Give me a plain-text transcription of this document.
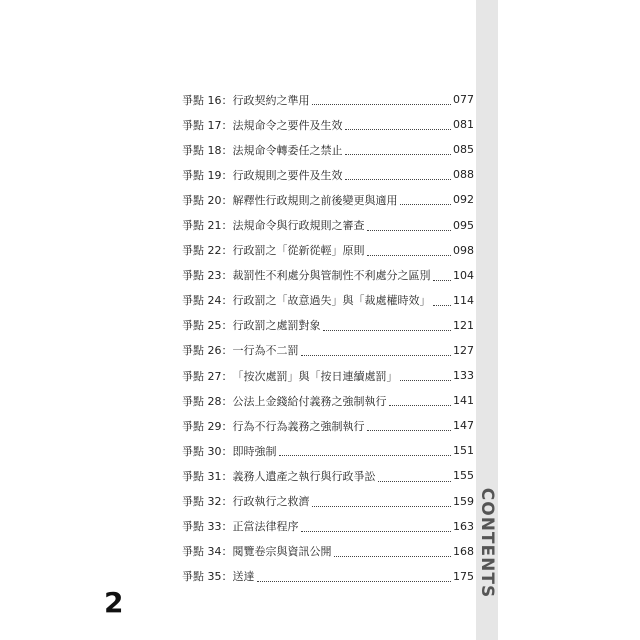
CONTENTS
爭點 16： 行政契約之準用	077
爭點 17： 法規命令之要件及生效	081
爭點 18： 法規命令轉委任之禁止	085
爭點 19： 行政規則之要件及生效	088
爭點 20： 解釋性行政規則之前後變更與適用	092
爭點 21： 法規命令與行政規則之審查	095
爭點 22： 行政罰之「從新從輕」原則	098
爭點 23： 裁罰性不利處分與管制性不利處分之區別 104
爭點 24： 行政罰之「故意過失」與「裁處權時效」 114
爭點 25： 行政罰之處罰對象	121
爭點 26： 一行為不二罰	127
爭點 27： 「按次處罰」與「按日連續處罰」	133
爭點 28： 公法上金錢給付義務之強制執行	141
爭點 29： 行為不行為義務之強制執行	147
爭點 30： 即時強制	151
爭點 31： 義務人遺產之執行與行政爭訟	155
爭點 32： 行政執行之救濟	159
爭點 33： 正當法律程序	163
爭點 34： 閱覽卷宗與資訊公開	168
爭點 35： 送達	175
2
